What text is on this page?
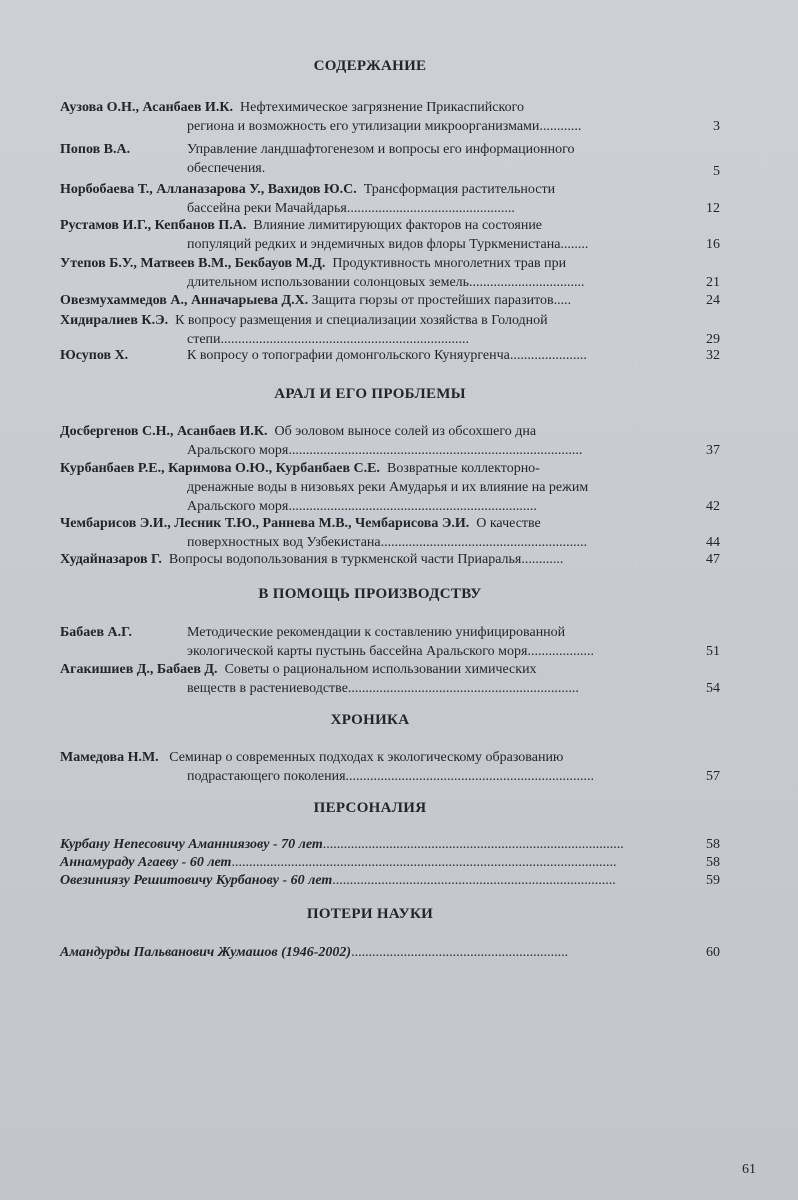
СОДЕРЖАНИЕ
Аузова О.Н., Асанбаев И.К. Нефтехимическое загрязнение Прикаспийского
региона и возможность его утилизации микроорганизмами............	3
Попов В.А.	Управление ландшафтогенезом и вопросы его информационного
обеспечения.	5
Норбобаева Т., Алланазарова У., Вахидов Ю.С. Трансформация растительности
бассейна реки Мачайдарья................................................	12
Рустамов И.Г., Кепбанов П.А. Влияние лимитирующих факторов на состояние
популяций редких и эндемичных видов флоры Туркменистана........	16
Утепов Б.У., Матвеев В.М., Бекбауов М.Д. Продуктивность многолетних трав при
длительном использовании солонцовых земель.................................	21
Овезмухаммедов А., Анначарыева Д.Х. Защита гюрзы от простейших паразитов.....	24
Хидиралиев К.Э. К вопросу размещения и специализации хозяйства в Голодной
степи.......................................................................	29
Юсупов Х.	К вопросу о топографии домонгольского Куняургенча......................	32
АРАЛ И ЕГО ПРОБЛЕМЫ
Досбергенов С.Н., Асанбаев И.К. Об эоловом выносе солей из обсохшего дна
Аральского моря....................................................................................	37
Курбанбаев Р.Е., Каримова О.Ю., Курбанбаев С.Е. Возвратные коллекторно-
дренажные воды в низовьях реки Амударья и их влияние на режим
Аральского моря.......................................................................	42
Чембарисов Э.И., Лесник Т.Ю., Раннева М.В., Чембарисова Э.И. О качестве
поверхностных вод Узбекистана...........................................................	44
Худайназаров Г. Вопросы водопользования в туркменской части Приаралья............	47
В ПОМОЩЬ ПРОИЗВОДСТВУ
Бабаев А.Г.	Методические рекомендации к составлению унифицированной
экологической карты пустынь бассейна Аральского моря...................	51
Агакишиев Д., Бабаев Д. Советы о рациональном использовании химических
веществ в растениеводстве..................................................................	54
ХРОНИКА
Мамедова Н.М. Семинар о современных подходах к экологическому образованию
подрастающего поколения.......................................................................	57
ПЕРСОНАЛИЯ
Курбану Непесовичу Аманниязову - 70 лет......................................................................................	58
Аннамураду Агаеву - 60 лет..............................................................................................................	58
Овезиниязу Решитовичу Курбанову - 60 лет.................................................................................	59
ПОТЕРИ НАУКИ
Амандурды Пальванович Жумашов (1946-2002)..............................................................	60
61
